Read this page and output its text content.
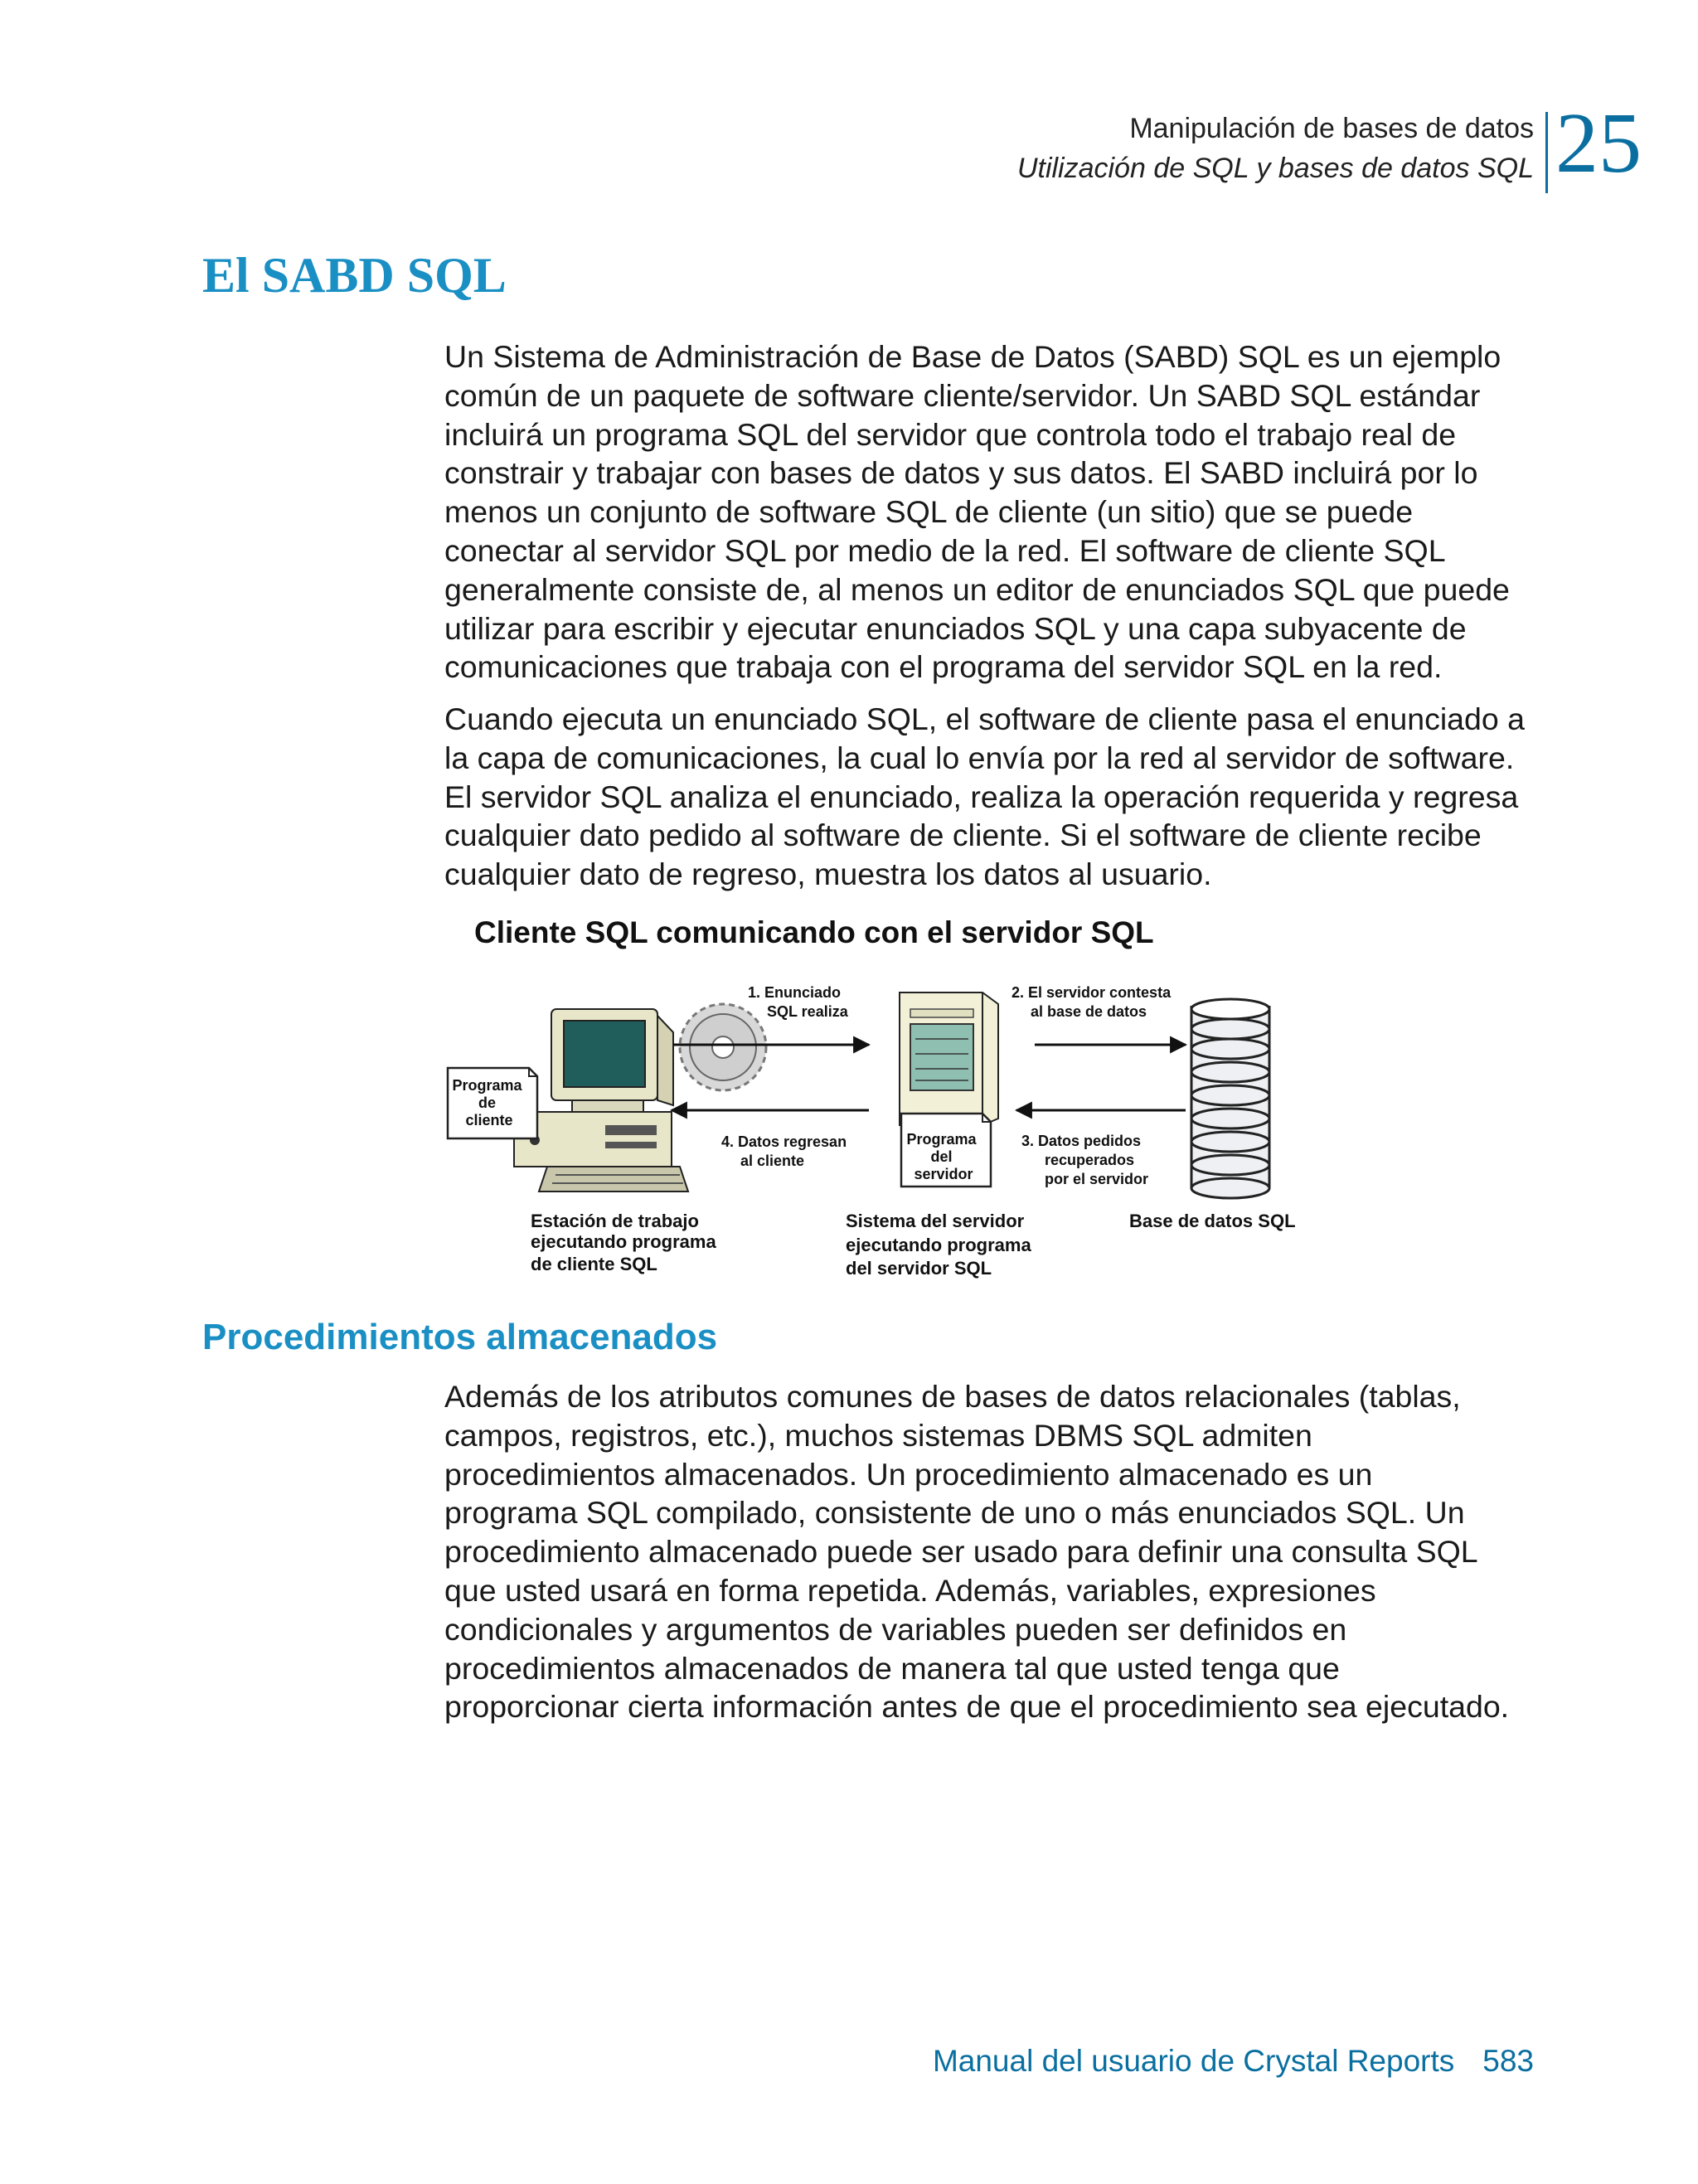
Manipulación de bases de datos
Utilización de SQL y bases de datos SQL 25
El SABD SQL

Un Sistema de Administración de Base de Datos (SABD) SQL es un ejemplo
común de un paquete de software cliente/servidor. Un SABD SQL estándar
incluirá un programa SQL del servidor que controla todo el trabajo real de
constrair y trabajar con bases de datos y sus datos. El SABD incluirá por lo
menos un conjunto de software SQL de cliente (un sitio) que se puede
conectar al servidor SQL por medio de la red. El software de cliente SQL
generalmente consiste de, al menos un editor de enunciados SQL que puede
utilizar para escribir y ejecutar enunciados SQL y una capa subyacente de
comunicaciones que trabaja con el programa del servidor SQL en la red.

Cuando ejecuta un enunciado SQL, el software de cliente pasa el enunciado a
la capa de comunicaciones, la cual lo envía por la red al servidor de software.
El servidor SQL analiza el enunciado, realiza la operación requerida y regresa
cualquier dato pedido al software de cliente. Si el software de cliente recibe
cualquier dato de regreso, muestra los datos al usuario.

Cliente SQL comunicando con el servidor SQL
Programa de cliente
Programa del servidor
1. Enunciado SQL realiza
2. El servidor contesta al base de datos
3. Datos pedidos recuperados por el servidor
4. Datos regresan al cliente
Estación de trabajo ejecutando programa de cliente SQL
Sistema del servidor ejecutando programa del servidor SQL
Base de datos SQL
Procedimientos almacenados

Además de los atributos comunes de bases de datos relacionales (tablas,
campos, registros, etc.), muchos sistemas DBMS SQL admiten
procedimientos almacenados. Un procedimiento almacenado es un
programa SQL compilado, consistente de uno o más enunciados SQL. Un
procedimiento almacenado puede ser usado para definir una consulta SQL
que usted usará en forma repetida. Además, variables, expresiones
condicionales y argumentos de variables pueden ser definidos en
procedimientos almacenados de manera tal que usted tenga que
proporcionar cierta información antes de que el procedimiento sea ejecutado.

Manual del usuario de Crystal Reports 583
